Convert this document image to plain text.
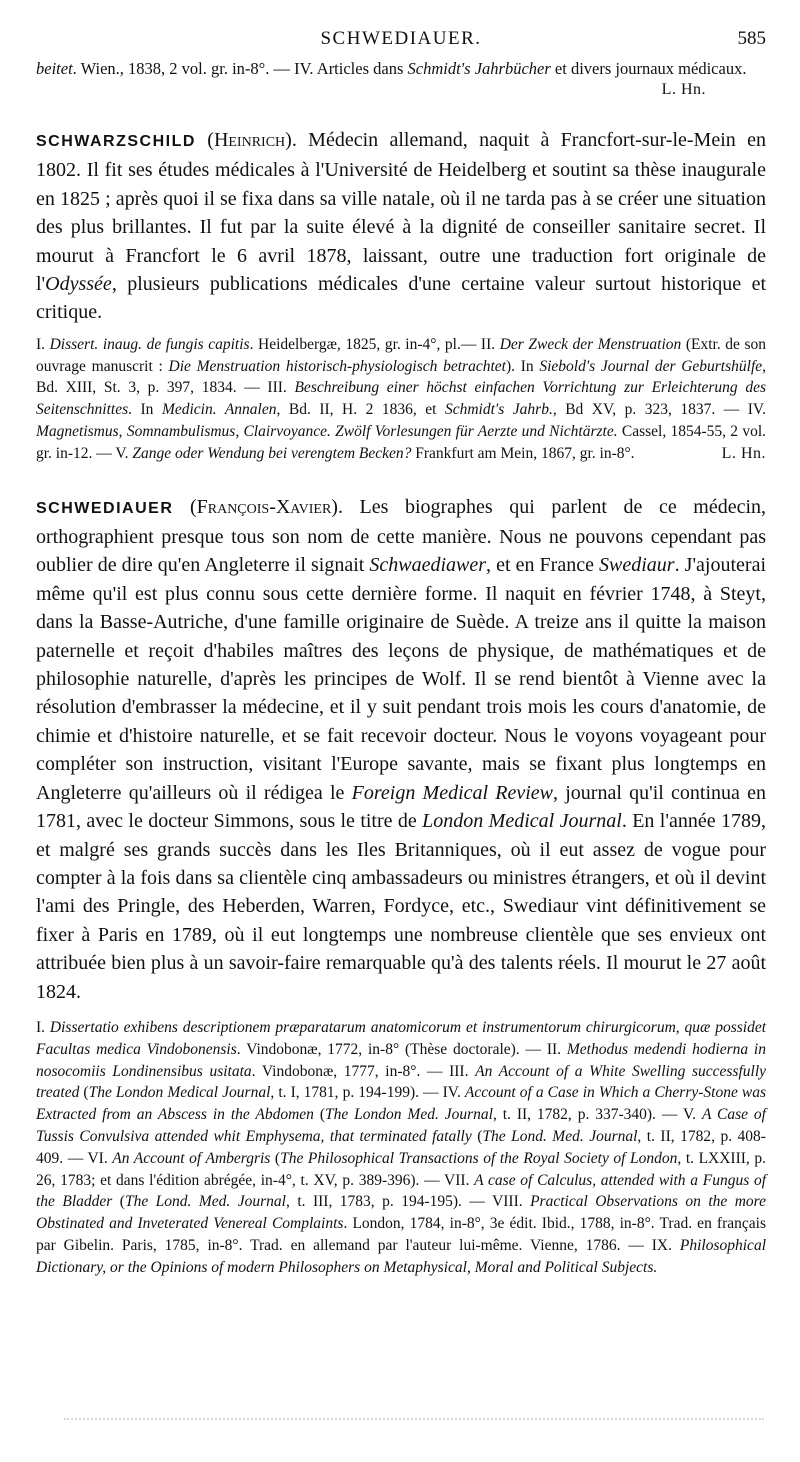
SCHWEDIAUER.	585

beitet. Wien., 1838, 2 vol. gr. in-8°. — IV. Articles dans Schmidt's Jahrbücher et divers journaux médicaux.
L. Hn.

SCHWARZSCHILD (Heinrich). Médecin allemand, naquit à Francfort-sur-le-Mein en 1802. Il fit ses études médicales à l'Université de Heidelberg et soutint sa thèse inaugurale en 1825 ; après quoi il se fixa dans sa ville natale, où il ne tarda pas à se créer une situation des plus brillantes. Il fut par la suite élevé à la dignité de conseiller sanitaire secret. Il mourut à Francfort le 6 avril 1878, laissant, outre une traduction fort originale de l'Odyssée, plusieurs publications médicales d'une certaine valeur surtout historique et critique.

I. Dissert. inaug. de fungis capitis. Heidelbergæ, 1825, gr. in-4°, pl.— II. Der Zweck der Menstruation (Extr. de son ouvrage manuscrit : Die Menstruation historisch-physiologisch betrachtet). In Siebold's Journal der Geburtshülfe, Bd. XIII, St. 3, p. 397, 1834. — III. Beschreibung einer höchst einfachen Vorrichtung zur Erleichterung des Seitenschnittes. In Medicin. Annalen, Bd. II, H. 2 1836, et Schmidt's Jahrb., Bd XV, p. 323, 1837. — IV. Magnetismus, Somnambulismus, Clairvoyance. Zwölf Vorlesungen für Aerzte und Nichtärzte. Cassel, 1854-55, 2 vol. gr. in-12. — V. Zange oder Wendung bei verengtem Becken? Frankfurt am Mein, 1867, gr. in-8°.	L. Hn.

SCHWEDIAUER (François-Xavier). Les biographes qui parlent de ce médecin, orthographient presque tous son nom de cette manière. Nous ne pouvons cependant pas oublier de dire qu'en Angleterre il signait Schwaediawer, et en France Swediaur. J'ajouterai même qu'il est plus connu sous cette dernière forme. Il naquit en février 1748, à Steyt, dans la Basse-Autriche, d'une famille originaire de Suède. A treize ans il quitte la maison paternelle et reçoit d'habiles maîtres des leçons de physique, de mathématiques et de philosophie naturelle, d'après les principes de Wolf. Il se rend bientôt à Vienne avec la résolution d'embrasser la médecine, et il y suit pendant trois mois les cours d'anatomie, de chimie et d'histoire naturelle, et se fait recevoir docteur. Nous le voyons voyageant pour compléter son instruction, visitant l'Europe savante, mais se fixant plus longtemps en Angleterre qu'ailleurs où il rédigea le Foreign Medical Review, journal qu'il continua en 1781, avec le docteur Simmons, sous le titre de London Medical Journal. En l'année 1789, et malgré ses grands succès dans les Iles Britanniques, où il eut assez de vogue pour compter à la fois dans sa clientèle cinq ambassadeurs ou ministres étrangers, et où il devint l'ami des Pringle, des Heberden, Warren, Fordyce, etc., Swediaur vint définitivement se fixer à Paris en 1789, où il eut longtemps une nombreuse clientèle que ses envieux ont attribuée bien plus à un savoir-faire remarquable qu'à des talents réels. Il mourut le 27 août 1824.

I. Dissertatio exhibens descriptionem præparatarum anatomicorum et instrumentorum chirurgicorum, quæ possidet Facultas medica Vindobonensis. Vindobonæ, 1772, in-8° (Thèse doctorale). — II. Methodus medendi hodierna in nosocomiis Londinensibus usitata. Vindobonæ, 1777, in-8°. — III. An Account of a White Swelling successfully treated (The London Medical Journal, t. I, 1781, p. 194-199). — IV. Account of a Case in Which a Cherry-Stone was Extracted from an Abscess in the Abdomen (The London Med. Journal, t. II, 1782, p. 337-340). — V. A Case of Tussis Convulsiva attended whit Emphysema, that terminated fatally (The Lond. Med. Journal, t. II, 1782, p. 408-409. — VI. An Account of Ambergris (The Philosophical Transactions of the Royal Society of London, t. LXXIII, p. 26, 1783; et dans l'édition abrégée, in-4°, t. XV, p. 389-396). — VII. A case of Calculus, attended with a Fungus of the Bladder (The Lond. Med. Journal, t. III, 1783, p. 194-195). — VIII. Practical Observations on the more Obstinated and Inveterated Venereal Complaints. London, 1784, in-8°, 3e édit. Ibid., 1788, in-8°. Trad. en français par Gibelin. Paris, 1785, in-8°. Trad. en allemand par l'auteur lui-même. Vienne, 1786. — IX. Philosophical Dictionary, or the Opinions of modern Philosophers on Metaphysical, Moral and Political Subjects.
